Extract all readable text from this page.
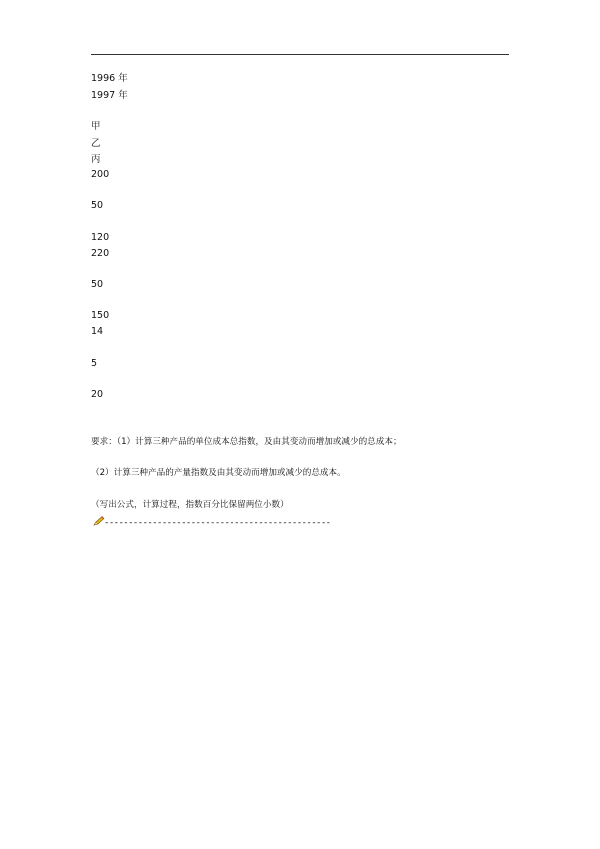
1996 年
1997 年
甲
乙
丙
200
50
120
220
50
150
14
5
20
要求：（1）计算三种产品的单位成本总指数，及由其变动而增加或减少的总成本；
（2）计算三种产品的产量指数及由其变动而增加或减少的总成本。
（写出公式，计算过程，指数百分比保留两位小数）
-----------------------------------------------
